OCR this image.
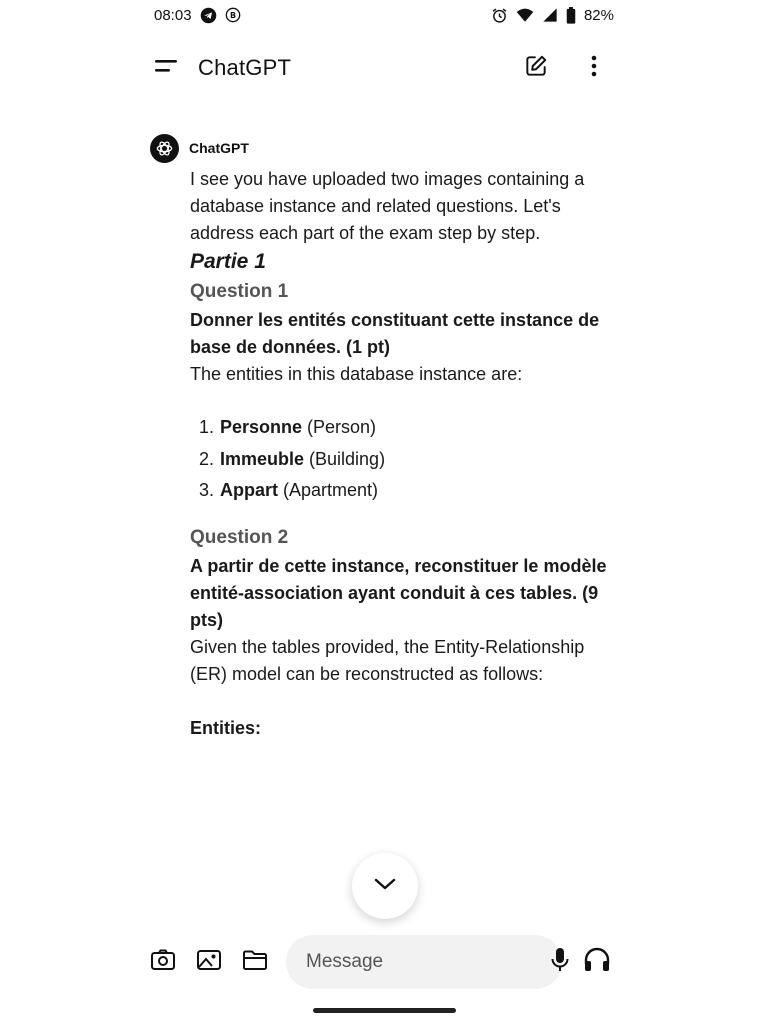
08:03	B	82%
ChatGPT
ChatGPT

I see you have uploaded two images containing a database instance and related questions. Let's address each part of the exam step by step.

Partie 1

Question 1

Donner les entités constituant cette instance de base de données. (1 pt)

The entities in this database instance are:

1. Personne (Person)
2. Immeuble (Building)
3. Appart (Apartment)

Question 2

A partir de cette instance, reconstituer le modèle entité-association ayant conduit à ces tables. (9 pts)

Given the tables provided, the Entity-Relationship (ER) model can be reconstructed as follows:

Entities:

Message
